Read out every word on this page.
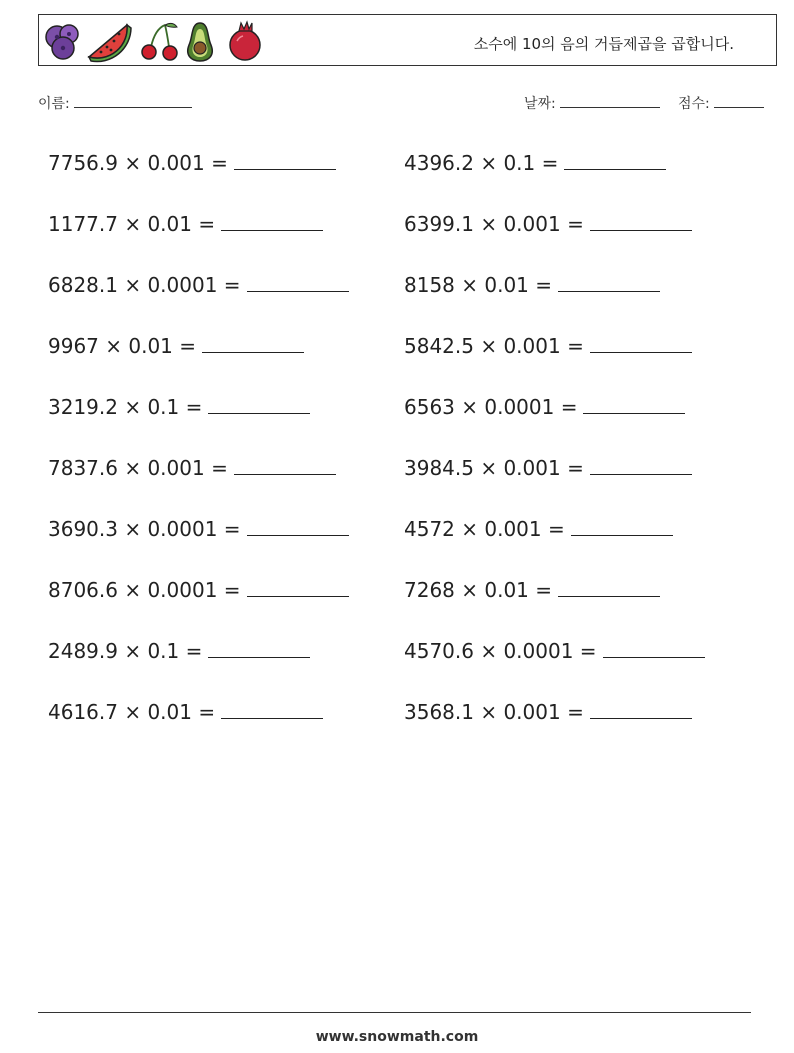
소수에 10의 음의 거듭제곱을 곱합니다.
이름:	날짜:	점수:
7756.9 × 0.001 =
1177.7 × 0.01 =
6828.1 × 0.0001 =
9967 × 0.01 =
3219.2 × 0.1 =
7837.6 × 0.001 =
3690.3 × 0.0001 =
8706.6 × 0.0001 =
2489.9 × 0.1 =
4616.7 × 0.01 =
4396.2 × 0.1 =
6399.1 × 0.001 =
8158 × 0.01 =
5842.5 × 0.001 =
6563 × 0.0001 =
3984.5 × 0.001 =
4572 × 0.001 =
7268 × 0.01 =
4570.6 × 0.0001 =
3568.1 × 0.001 =
www.snowmath.com
